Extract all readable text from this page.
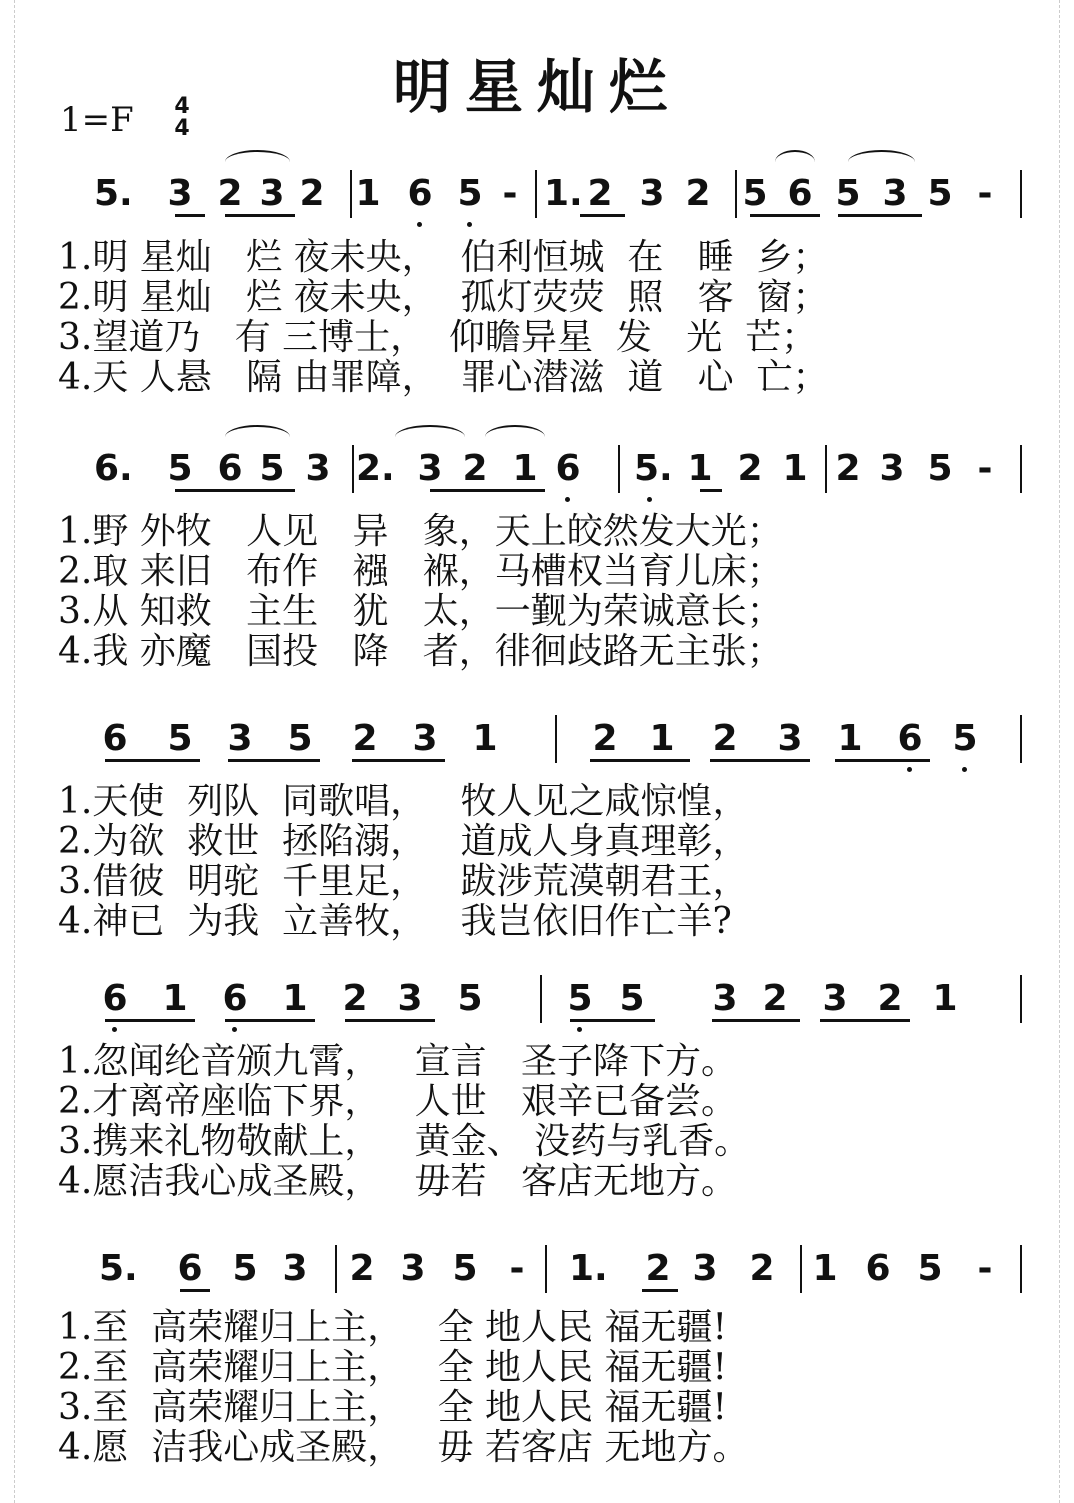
明星灿烂
1=F 4
4
5. 3 2 3 2 1 6 5 - 1. 2 3 2 5 6 5 3 5 -
1.明 星灿   烂 夜未央，  伯利恒城  在   睡  乡；
2.明 星灿   烂 夜未央，  孤灯荧荧  照   客  窗；
3.望道乃   有 三博士，  仰瞻异星  发   光  芒；
4.天 人悬   隔 由罪障，  罪心潜滋  道   心  亡；
6. 5 6 5 3 2. 3 2 1 6 5. 1 2 1 2 3 5 -
1.野 外牧   人见   异   象，天上皎然发大光；
2.取 来旧   布作   襁   褓，马槽权当育儿床；
3.从 知救   主生   犹   太，一觐为荣诚意长；
4.我 亦魔   国投   降   者，徘徊歧路无主张；
6 5 3 5 2 3 1	2 1 2 3 1 6 5
1.天使  列队  同歌唱，   牧人见之咸惊惶，
2.为欲  救世  拯陷溺，   道成人身真理彰，
3.借彼  明驼  千里足，   跋涉荒漠朝君王，
4.神已  为我  立善牧，   我岂依旧作亡羊?
6 1 6 1 2 3 5 5 5 3 2 3 2 1
1.忽闻纶音颁九霄，   宣言   圣子降下方。
2.才离帝座临下界，   人世   艰辛已备尝。
3.携来礼物敬献上，   黄金、 没药与乳香。
4.愿洁我心成圣殿，   毋若   客店无地方。
5. 6 5 3 2 3 5 - 1. 2 3 2 1 6 5 -
1.至  高荣耀归上主，   全 地人民 福无疆!
2.至  高荣耀归上主，   全 地人民 福无疆!
3.至  高荣耀归上主，   全 地人民 福无疆!
4.愿  洁我心成圣殿，   毋 若客店 无地方。
